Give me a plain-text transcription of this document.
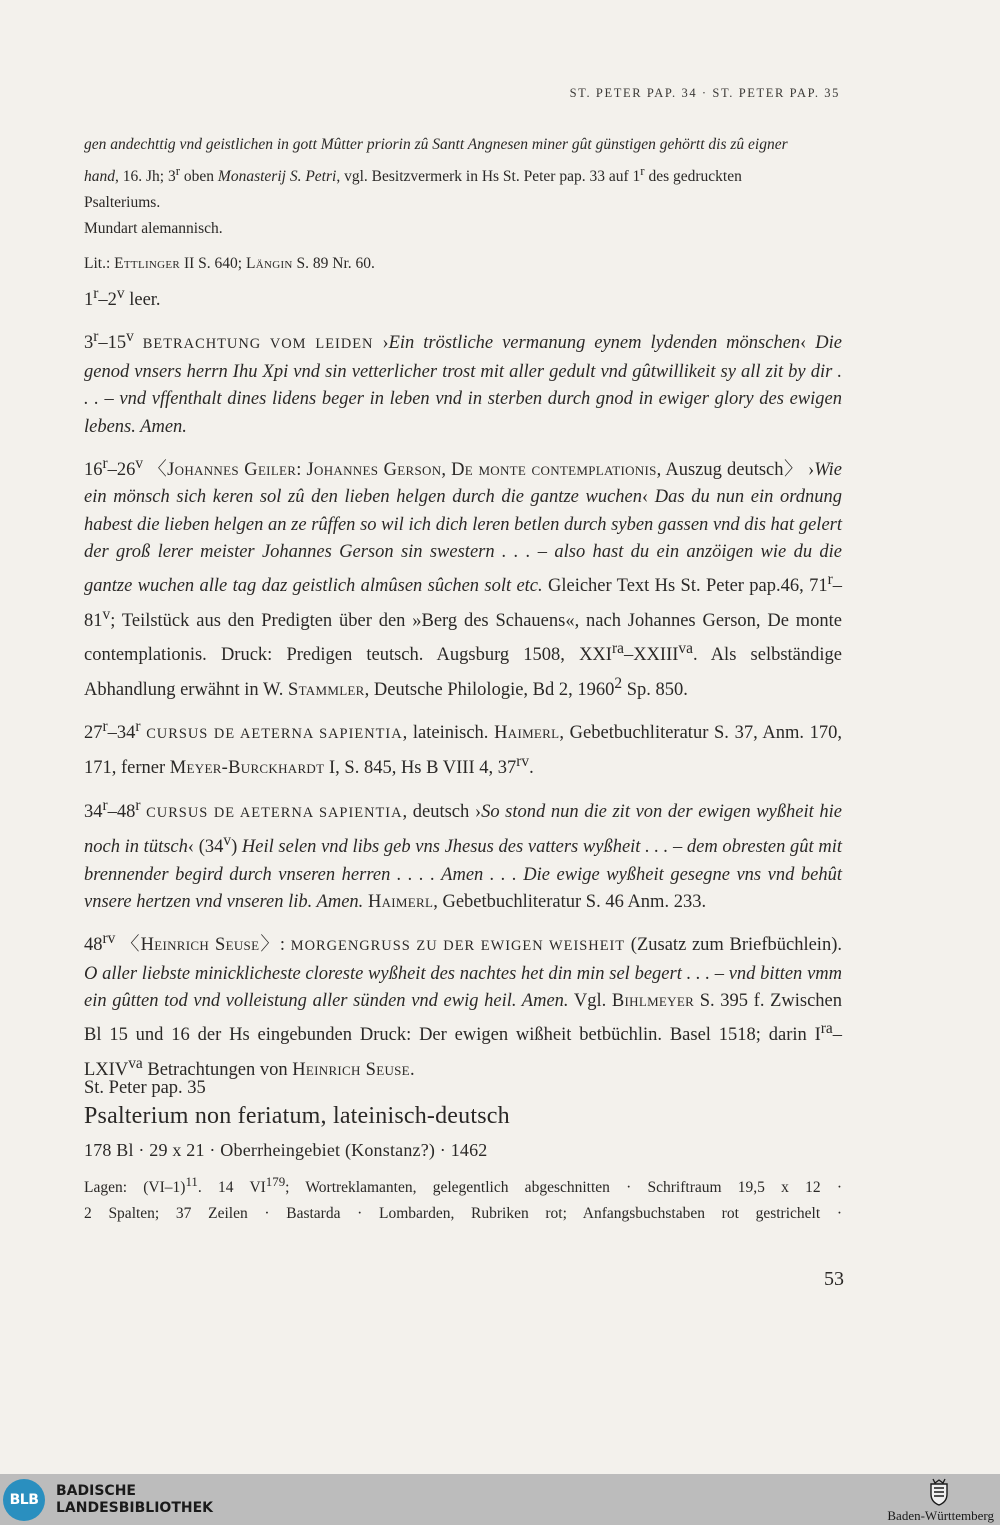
ST. PETER PAP. 34 · ST. PETER PAP. 35

gen andechttig vnd geistlichen in gott Mûtter priorin zû Santt Angnesen miner gût günstigen gehörtt dis zû eigner

hand, 16. Jh; 3$^r$ oben Monasterij S. Petri, vgl. Besitzvermerk in Hs St. Peter pap. 33 auf 1$^r$ des gedruckten

Psalteriums.

Mundart alemannisch.

Lit.: Ettlinger II S. 640; Längin S. 89 Nr. 60.

1$^r$–2$^v$ leer.

3$^r$–15$^v$ BETRACHTUNG VOM LEIDEN ›Ein tröstliche vermanung eynem lydenden mönschen‹ Die genod vnsers herrn Ihu Xpi vnd sin vetterlicher trost mit aller gedult vnd gûtwillikeit sy all zit by dir . . . – vnd vffenthalt dines lidens beger in leben vnd in sterben durch gnod in ewiger glory des ewigen lebens. Amen.

16$^r$–26$^v$ 〈Johannes Geiler: Johannes Gerson, De monte contemplationis, Auszug deutsch〉 ›Wie ein mönsch sich keren sol zû den lieben helgen durch die gantze wuchen‹ Das du nun ein ordnung habest die lieben helgen an ze rûffen so wil ich dich leren betlen durch syben gassen vnd dis hat gelert der groß lerer meister Johannes Gerson sin swestern . . . – also hast du ein anzöigen wie du die gantze wuchen alle tag daz geistlich almûsen sûchen solt etc. Gleicher Text Hs St. Peter pap.46, 71$^r$–81$^v$; Teilstück aus den Predigten über den »Berg des Schauens«, nach Johannes Gerson, De monte contemplationis. Druck: Predigen teutsch. Augsburg 1508, $XXI^{ra}-XXIII^{va}$. Als selbständige Abhandlung erwähnt in W. Stammler, Deutsche Philologie, Bd 2, 1960$^2$ Sp. 850.

27$^r$–34$^r$ CURSUS DE AETERNA SAPIENTIA, lateinisch. Haimerl, Gebetbuchliteratur S. 37, Anm. 170, 171, ferner Meyer-Burckhardt I, S. 845, Hs B VIII 4, $37^{rv}$.

34$^r$–48$^r$ CURSUS DE AETERNA SAPIENTIA, deutsch ›So stond nun die zit von der ewigen wyßheit hie noch in tütsch‹ (34$^v$) Heil selen vnd libs geb vns Jhesus des vatters wyßheit . . . – dem obresten gût mit brennender begird durch vnseren herren . . . . Amen . . . Die ewige wyßheit gesegne vns vnd behût vnsere hertzen vnd vnseren lib. Amen. Haimerl, Gebetbuchliteratur S. 46 Anm. 233.

$48^{rv}$ 〈Heinrich Seuse〉: MORGENGRUSS ZU DER EWIGEN WEISHEIT (Zusatz zum Briefbüchlein). O aller liebste minicklicheste cloreste wyßheit des nachtes het din min sel begert . . . – vnd bitten vmm ein gûtten tod vnd volleistung aller sünden vnd ewig heil. Amen. Vgl. Bihlmeyer S. 395 f. Zwischen Bl 15 und 16 der Hs eingebunden Druck: Der ewigen wißheit betbüchlin. Basel 1518; darin $I^{ra}-LXIV^{va}$ Betrachtungen von Heinrich Seuse.

St. Peter pap. 35
Psalterium non feriatum, lateinisch-deutsch
178 Bl · 29 x 21 · Oberrheingebiet (Konstanz?) · 1462
Lagen: $(VI-1)^{11}$. 14 VI$^{179}$; Wortreklamanten, gelegentlich abgeschnitten · Schriftraum 19,5 x 12 ·
2 Spalten; 37 Zeilen · Bastarda · Lombarden, Rubriken rot; Anfangsbuchstaben rot gestrichelt ·
53
BLB
BADISCHE
LANDESBIBLIOTHEK	Baden-Württemberg
